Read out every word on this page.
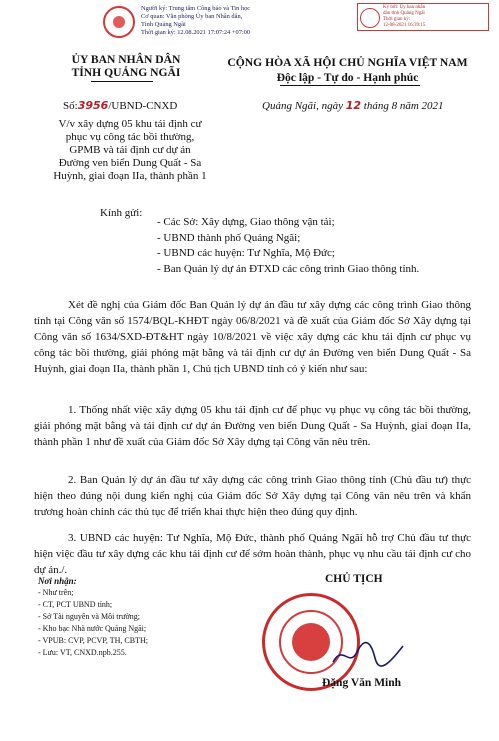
Người ký: Trung tâm Công báo và Tin học
Cơ quan: Văn phòng Ủy ban Nhân dân,
Tỉnh Quảng Ngãi
Thời gian ký: 12.08.2021 17:07:24 +07:00
Ký bởi: Ủy ban nhân
dân tỉnh Quảng Ngãi
Thời gian ký:
12-08-2021 16:39:15
ỦY BAN NHÂN DÂN
TỈNH QUẢNG NGÃI
CỘNG HÒA XÃ HỘI CHỦ NGHĨA VIỆT NAM
Độc lập - Tự do - Hạnh phúc
Số:3956/UBND-CNXD	Quảng Ngãi, ngày 12 tháng 8 năm 2021
V/v xây dựng 05 khu tái định cư
phục vụ công tác bồi thường,
GPMB và tái định cư dự án
Đường ven biển Dung Quất - Sa
Huỳnh, giai đoạn IIa, thành phần 1
Kính gửi:
- Các Sở: Xây dựng, Giao thông vận tải;
- UBND thành phố Quảng Ngãi;
- UBND các huyện: Tư Nghĩa, Mộ Đức;
- Ban Quản lý dự án ĐTXD các công trình Giao thông tỉnh.

Xét đề nghị của Giám đốc Ban Quản lý dự án đầu tư xây dựng các công trình Giao thông tỉnh tại Công văn số 1574/BQL-KHĐT ngày 06/8/2021 và đề xuất của Giám đốc Sở Xây dựng tại Công văn số 1634/SXD-ĐT&HT ngày 10/8/2021 về việc xây dựng các khu tái định cư phục vụ công tác bồi thường, giải phóng mặt bằng và tái định cư dự án Đường ven biển Dung Quất - Sa Huỳnh, giai đoạn IIa, thành phần 1, Chủ tịch UBND tỉnh có ý kiến như sau:

1. Thống nhất việc xây dựng 05 khu tái định cư để phục vụ phục vụ công tác bồi thường, giải phóng mặt bằng và tái định cư dự án Đường ven biển Dung Quất - Sa Huỳnh, giai đoạn IIa, thành phần 1 như đề xuất của Giám đốc Sở Xây dựng tại Công văn nêu trên.

2. Ban Quản lý dự án đầu tư xây dựng các công trình Giao thông tỉnh (Chủ đầu tư) thực hiện theo đúng nội dung kiến nghị của Giám đốc Sở Xây dựng tại Công văn nêu trên và khẩn trương hoàn chỉnh các thủ tục để triển khai thực hiện theo đúng quy định.

3. UBND các huyện: Tư Nghĩa, Mộ Đức, thành phố Quảng Ngãi hỗ trợ Chủ đầu tư thực hiện việc đầu tư xây dựng các khu tái định cư để sớm hoàn thành, phục vụ nhu cầu tái định cư cho dự án./.

Nơi nhận:
- Như trên;
- CT, PCT UBND tỉnh;
- Sở Tài nguyên và Môi trường;
- Kho bạc Nhà nước Quảng Ngãi;
- VPUB: CVP, PCVP, TH, CBTH;
- Lưu: VT, CNXD.npb.255.
CHỦ TỊCH
Đặng Văn Minh
